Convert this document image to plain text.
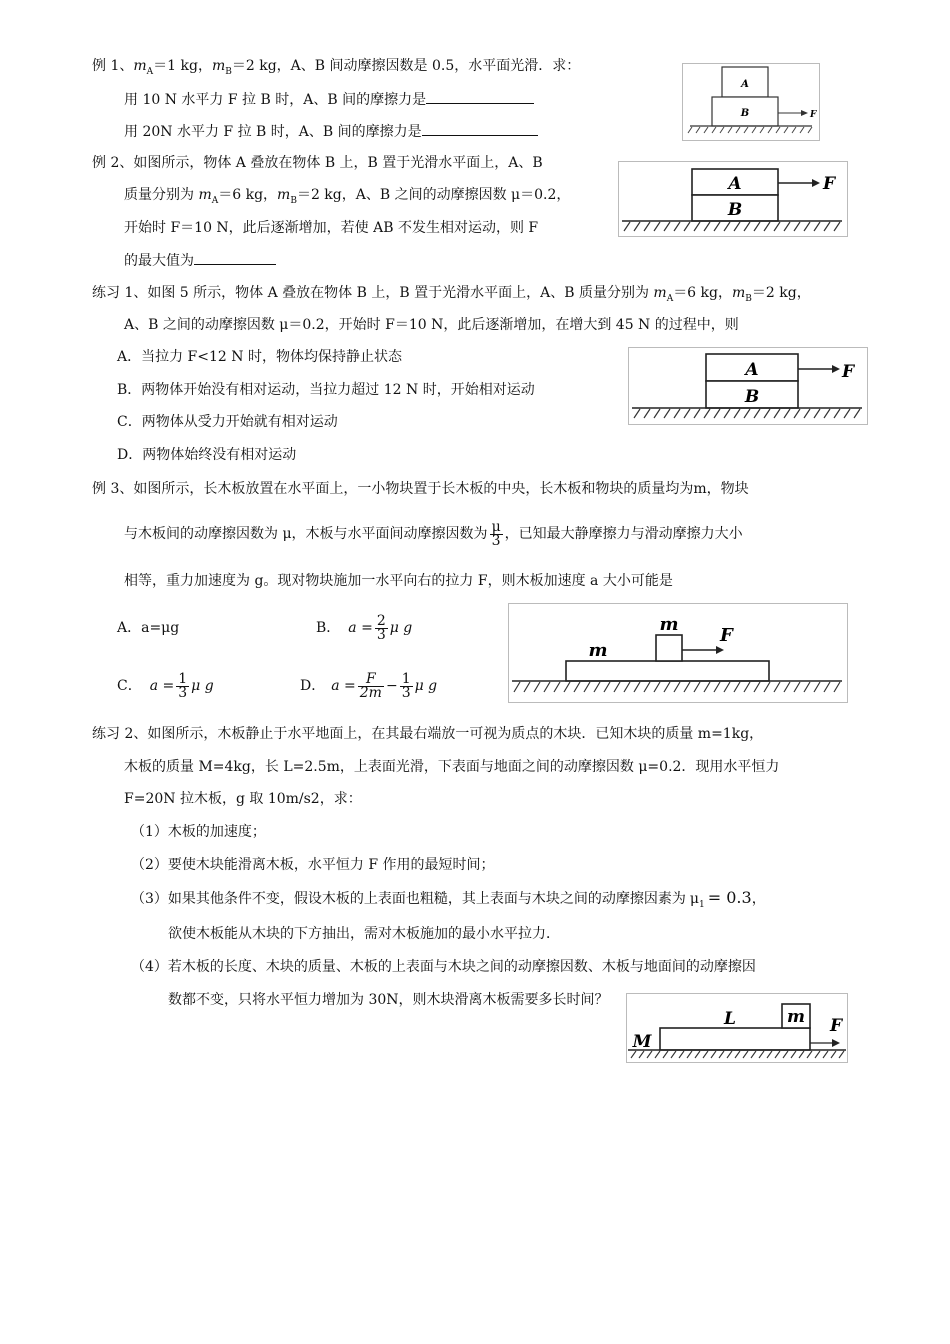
例 1、$m_A=1$ kg，$m_B=2$ kg，A、B 间动摩擦因数是 0.5，水平面光滑．求：
用 10 N 水平力 F 拉 B 时，A、B 间的摩擦力是
用 20N 水平力 F 拉 B 时，A、B 间的摩擦力是
A
B	F
例 2、如图所示，物体 A 叠放在物体 B 上，B 置于光滑水平面上，A、B
质量分别为 $m_A=6$ kg，$m_B=2$ kg，A、B 之间的动摩擦因数 μ＝0.2，
开始时 F＝10 N，此后逐渐增加，若使 AB 不发生相对运动，则 F
的最大值为
A
B
F
练习 1、如图 5 所示，物体 A 叠放在物体 B 上，B 置于光滑水平面上，A、B 质量分别为 $m_A=6$ kg，$m_B=2$ kg，
A、B 之间的动摩擦因数 μ＝0.2，开始时 F＝10 N，此后逐渐增加，在增大到 45 N 的过程中，则
A．当拉力 F<12 N 时，物体均保持静止状态
B．两物体开始没有相对运动，当拉力超过 12 N 时，开始相对运动
C．两物体从受力开始就有相对运动
D．两物体始终没有相对运动
A
B
F
例 3、如图所示，长木板放置在水平面上，一小物块置于长木板的中央，长木板和物块的质量均为m，物块
与木板间的动摩擦因数为 μ，木板与水平面间动摩擦因数为 $\frac{\mu}{3}$ ，已知最大静摩擦力与滑动摩擦力大小
相等，重力加速度为 g。现对物块施加一水平向右的拉力 F，则木板加速度 a 大小可能是
A．a=μg	B． $a = \frac{2}{3}$ μ g
C． $a = \frac{1}{3}$ μ g	D． $a = \frac{F}{2m} - \frac{1}{3}$ μ g
m
m
F
练习 2、如图所示，木板静止于水平地面上，在其最右端放一可视为质点的木块．已知木块的质量 m=1kg，
木板的质量 M=4kg，长 L=2.5m，上表面光滑，下表面与地面之间的动摩擦因数 μ=0.2．现用水平恒力
F=20N 拉木板，g 取 10m/s2，求：
（1）木板的加速度；
（2）要使木块能滑离木板，水平恒力 F 作用的最短时间；
（3）如果其他条件不变，假设木板的上表面也粗糙，其上表面与木块之间的动摩擦因素为 $\mu_1 = 0.3$，
欲使木板能从木块的下方抽出，需对木板施加的最小水平拉力．
（4）若木板的长度、木块的质量、木板的上表面与木块之间的动摩擦因数、木板与地面间的动摩擦因
数都不变，只将水平恒力增加为 30N，则木块滑离木板需要多长时间？
M
L	m F
